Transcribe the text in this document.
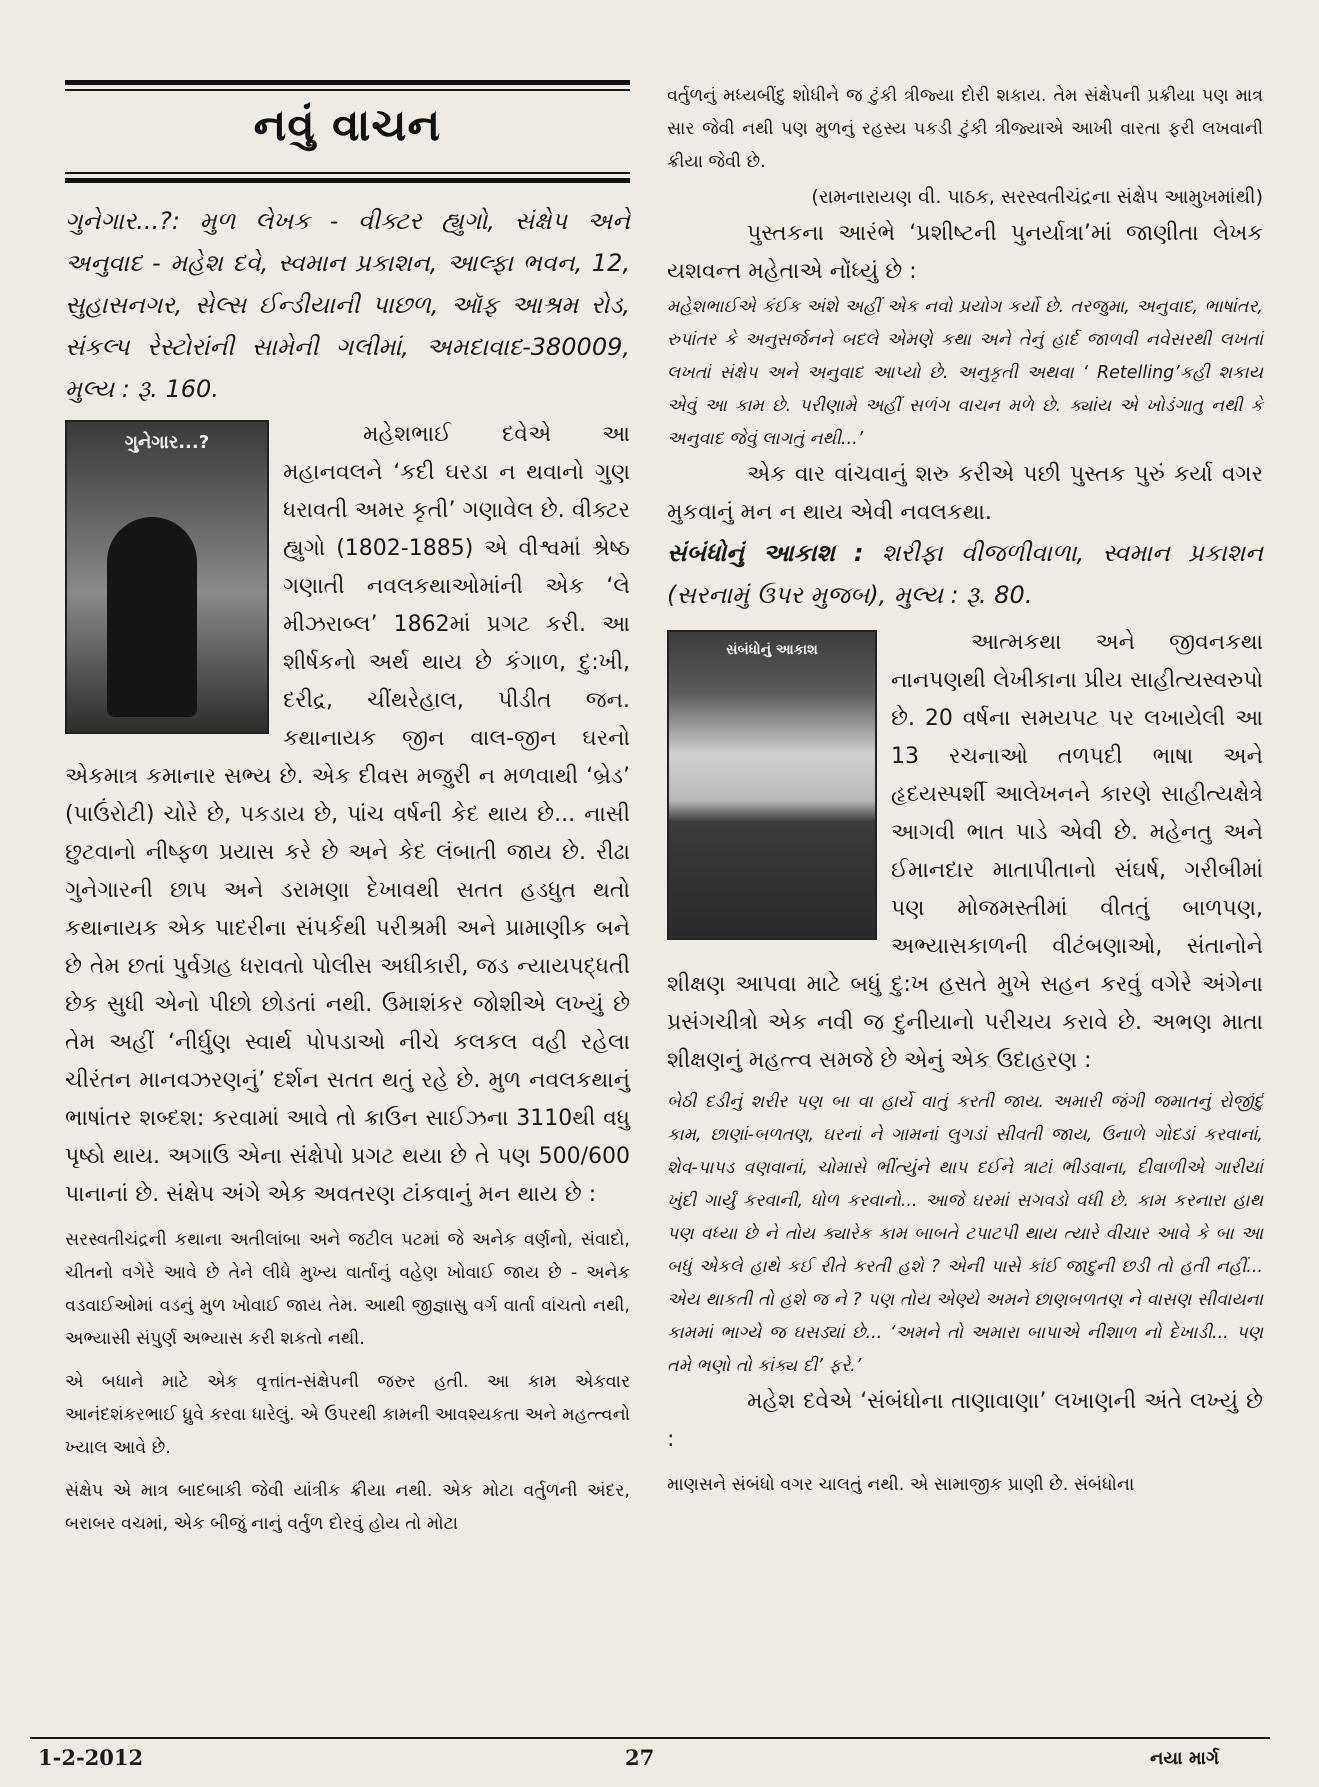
નવું વાચન

ગુનેગાર...?: મુળ લેખક - વીક્ટર હ્યુગો, સંક્ષેપ અને અનુવાદ - મહેશ દવે, સ્વમાન પ્રકાશન, આલ્ફા ભવન, 12, સુહાસનગર, સેલ્સ ઈન્ડીયાની પાછળ, ઑફ આશ્રમ રોડ, સંકલ્પ રેસ્ટોરાંની સામેની ગલીમાં, અમદાવાદ-380009, મુલ્ય : રૂ. 160.

ગુનેગાર...?	મહેશભાઈ દવેએ આ મહાનવલને ‘કદી ઘરડા ન થવાનો ગુણ ધરાવતી અમર કૃતી’ ગણાવેલ છે. વીક્ટર હ્યુગો (1802-1885) એ વીશ્વમાં શ્રેષ્ઠ ગણાતી નવલકથાઓમાંની એક ‘લે મીઝરાબ્લ’ 1862માં પ્રગટ કરી. આ શીર્ષકનો અર્થ થાય છે કંગાળ, દુ:ખી, દરીદ્ર, ચીંથરેહાલ, પીડીત જન. કથાનાયક જીન વાલ-જીન ઘરનો એકમાત્ર કમાનાર સભ્ય છે. એક દીવસ મજુરી ન મળવાથી ‘બ્રેડ’ (પાઉંરોટી) ચોરે છે, પકડાય છે, પાંચ વર્ષની કેદ થાય છે... નાસી છુટવાનો નીષ્ફળ પ્રયાસ કરે છે અને કેદ લંબાતી જાય છે. રીઢા ગુનેગારની છાપ અને ડરામણા દેખાવથી સતત હડધુત થતો કથાનાયક એક પાદરીના સંપર્કથી પરીશ્રમી અને પ્રામાણીક બને છે તેમ છતાં પુર્વગ્રહ ધરાવતો પોલીસ અધીકારી, જડ ન્યાયપદ્ધતી છેક સુધી એનો પીછો છોડતાં નથી. ઉમાશંકર જોશીએ લખ્યું છે તેમ અહીં ‘નીર્ઘુણ સ્વાર્થ પોપડાઓ નીચે કલકલ વહી રહેલા ચીરંતન માનવઝરણનું’ દર્શન સતત થતું રહે છે. મુળ નવલકથાનું ભાષાંતર શબ્દશ: કરવામાં આવે તો ક્રાઉન સાઈઝના 3110થી વધુ પૃષ્ઠો થાય. અગાઉ એના સંક્ષેપો પ્રગટ થયા છે તે પણ 500/600 પાનાનાં છે. સંક્ષેપ અંગે એક અવતરણ ટાંકવાનું મન થાય છે :

સરસ્વતીચંદ્રની કથાના અતીલાંબા અને જટીલ પટમાં જે અનેક વર્ણનો, સંવાદો, ચીતનો વગેરે આવે છે તેને લીધે મુખ્ય વાર્તાનું વહેણ ખોવાઈ જાય છે - અનેક વડવાઈઓમાં વડનું મુળ ખોવાઈ જાય તેમ. આથી જીજ્ઞાસુ વર્ગ વાર્તા વાંચતો નથી, અભ્યાસી સંપુર્ણ અભ્યાસ કરી શકતો નથી.

એ બધાને માટે એક વૃત્તાંત-સંક્ષેપની જરુર હતી. આ કામ એકવાર આનંદશંકરભાઈ ધ્રુવે કરવા ધારેલું. એ ઉપરથી કામની આવશ્યકતા અને મહત્ત્વનો ખ્યાલ આવે છે.

સંક્ષેપ એ માત્ર બાદબાકી જેવી યાંત્રીક ક્રીયા નથી. એક મોટા વર્તુળની અંદર, બરાબર વચમાં, એક બીજું નાનું વર્તુળ દોરવું હોય તો મોટા

વર્તુળનું મધ્યબીંદુ શોધીને જ ટુંકી ત્રીજ્યા દોરી શકાય. તેમ સંક્ષેપની પ્રક્રીયા પણ માત્ર સાર જેવી નથી પણ મુળનું રહસ્ય પકડી ટુંકી ત્રીજ્યાએ આખી વારતા ફરી લખવાની ક્રીયા જેવી છે.

(રામનારાયણ વી. પાઠક, સરસ્વતીચંદ્રના સંક્ષેપ આમુખમાંથી)

પુસ્તકના આરંભે ‘પ્રશીષ્ટની પુનર્યાત્રા’માં જાણીતા લેખક યશવન્ત મહેતાએ નોંધ્યું છે :

મહેશભાઈએ કંઈક અંશે અહીં એક નવો પ્રયોગ કર્યો છે. તરજુમા, અનુવાદ, ભાષાંતર, રુપાંતર કે અનુસર્જનને બદલે એમણે કથા અને તેનું હાર્દ જાળવી નવેસરથી લખતાં લખતાં સંક્ષેપ અને અનુવાદ આપ્યો છે. અનુકૃતી અથવા ‘ Retelling’કહી શકાય એવું આ કામ છે. પરીણામે અહીં સળંગ વાચન મળે છે. ક્યાંય એ ખોડંગાતુ નથી કે અનુવાદ જેવું લાગતું નથી...’

એક વાર વાંચવાનું શરુ કરીએ પછી પુસ્તક પુરું કર્યા વગર મુકવાનું મન ન થાય એવી નવલકથા.

સંબંધોનું આકાશ : શરીફા વીજળીવાળા, સ્વમાન પ્રકાશન (સરનામું ઉપર મુજબ), મુલ્ય : રૂ. 80.

સંબંધોનું આકાશ	આત્મકથા અને જીવનકથા નાનપણથી લેખીકાના પ્રીય સાહીત્યસ્વરુપો છે. 20 વર્ષના સમયપટ પર લખાયેલી આ 13 રચનાઓ તળપદી ભાષા અને હૃદયસ્પર્શી આલેખનને કારણે સાહીત્યક્ષેત્રે આગવી ભાત પાડે એવી છે. મહેનતુ અને ઈમાનદાર માતાપીતાનો સંઘર્ષ, ગરીબીમાં પણ મોજમસ્તીમાં વીતતું બાળપણ, અભ્યાસકાળની વીટંબણાઓ, સંતાનોને શીક્ષણ આપવા માટે બધું દુ:ખ હસતે મુખે સહન કરવું વગેરે અંગેના પ્રસંગચીત્રો એક નવી જ દુનીયાનો પરીચય કરાવે છે. અભણ માતા શીક્ષણનું મહત્ત્વ સમજે છે એનું એક ઉદાહરણ :

બેઠી દડીનું શરીર પણ બા વા હાર્યે વાતું કરતી જાય. અમારી જંગી જમાતનું રોજીંદું કામ, છાણાં-બળતણ, ઘરનાં ને ગામનાં લુગડાં સીવતી જાય, ઉનાળે ગોદડાં કરવાનાં, શેવ-પાપડ વણવાનાં, ચોમાસે ભીંત્યુંને થાપ દઈને ત્રાટાં ભીડવાના, દીવાળીએ ગારીયાં ખુંદી ગાર્યું કરવાની, ધોળ કરવાનો... આજે ઘરમાં સગવડો વધી છે. કામ કરનારા હાથ પણ વધ્યા છે ને તોય ક્યારેક કામ બાબતે ટપાટપી થાય ત્યારે વીચાર આવે કે બા આ બધું એકલે હાથે કઈ રીતે કરતી હશે ? એની પાસે કાંઈ જાદુની છડી તો હતી નહીં... એય થાકતી તો હશે જ ને ? પણ તોય એણ્યે અમને છાણબળતણ ને વાસણ સીવાયના કામમાં ભાગ્યે જ ઘસડ્યાં છે... ‘અમને તો અમારા બાપાએ નીશાળ નો દેખાડી... પણ તમે ભણો તો કાંક્ય દી’ ફરે.’

મહેશ દવેએ ‘સંબંધોના તાણાવાણા’ લખાણની અંતે લખ્યું છે :

માણસને સંબંધો વગર ચાલતું નથી. એ સામાજીક પ્રાણી છે. સંબંધોના

1-2-2012	27	નયા માર્ગ
